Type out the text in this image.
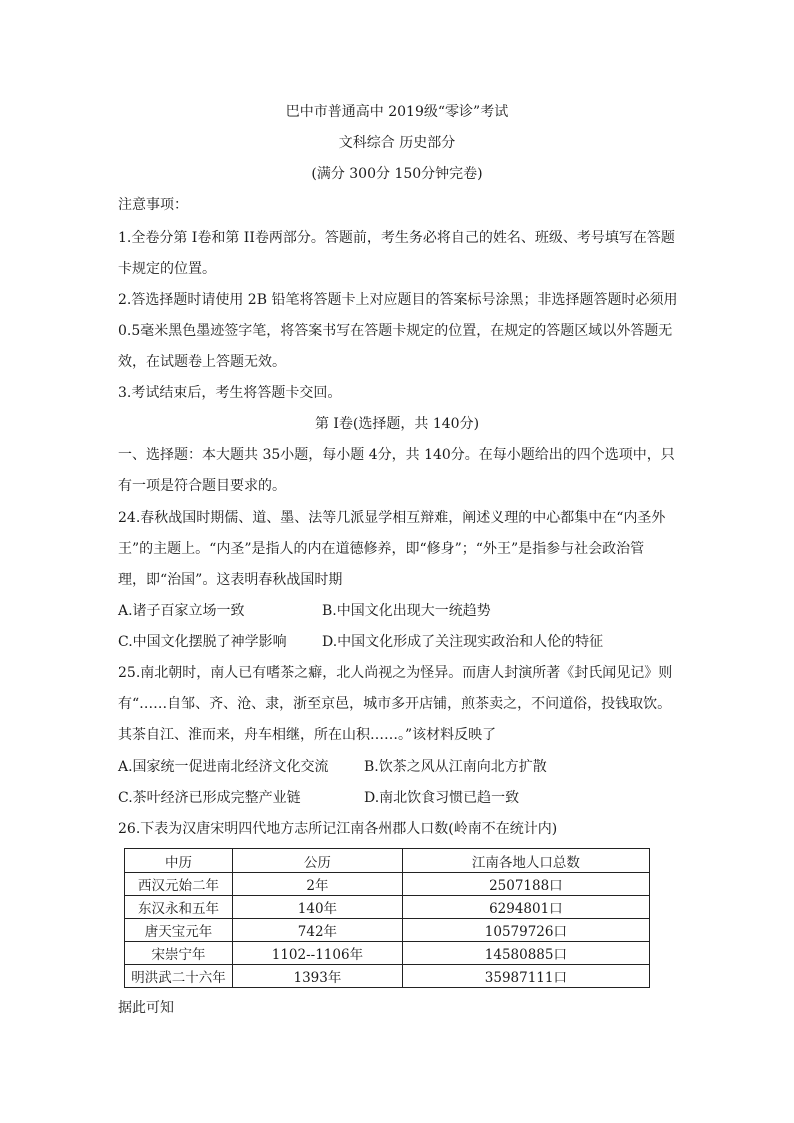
巴中市普通高中 2019级“零诊”考试
文科综合 历史部分
(满分 300分 150分钟完卷)
注意事项：
1.全卷分第 I卷和第 II卷两部分。答题前，考生务必将自己的姓名、班级、考号填写在答题
卡规定的位置。
2.答选择题时请使用 2B 铅笔将答题卡上对应题目的答案标号涂黑；非选择题答题时必须用
0.5毫米黑色墨迹签字笔，将答案书写在答题卡规定的位置，在规定的答题区域以外答题无
效，在试题卷上答题无效。
3.考试结束后，考生将答题卡交回。
第 I卷(选择题，共 140分)
一、选择题：本大题共 35小题，每小题 4分，共 140分。在每小题给出的四个选项中，只
有一项是符合题目要求的。
24.春秋战国时期儒、道、墨、法等几派显学相互辩难，阐述义理的中心都集中在“内圣外
王”的主题上。“内圣”是指人的内在道德修养，即“修身”；“外王”是指参与社会政治管
理，即“治国”。这表明春秋战国时期
A.诸子百家立场一致	B.中国文化出现大一统趋势
C.中国文化摆脱了神学影响	D.中国文化形成了关注现实政治和人伦的特征
25.南北朝时，南人已有嗜茶之癖，北人尚视之为怪异。而唐人封演所著《封氏闻见记》则
有“……自邹、齐、沧、隶，浙至京邑，城市多开店铺，煎茶卖之，不问道俗，投钱取饮。
其茶自江、淮而来，舟车相继，所在山积……。”该材料反映了
A.国家统一促进南北经济文化交流	B.饮茶之风从江南向北方扩散
C.茶叶经济已形成完整产业链	D.南北饮食习惯已趋一致
26.下表为汉唐宋明四代地方志所记江南各州郡人口数(岭南不在统计内)
中历	公历	江南各地人口总数
西汉元始二年	2年	2507188口
东汉永和五年	140年	6294801口
唐天宝元年	742年	10579726口
宋崇宁年	1102--1106年	14580885口
明洪武二十六年	1393年	35987111口
据此可知
